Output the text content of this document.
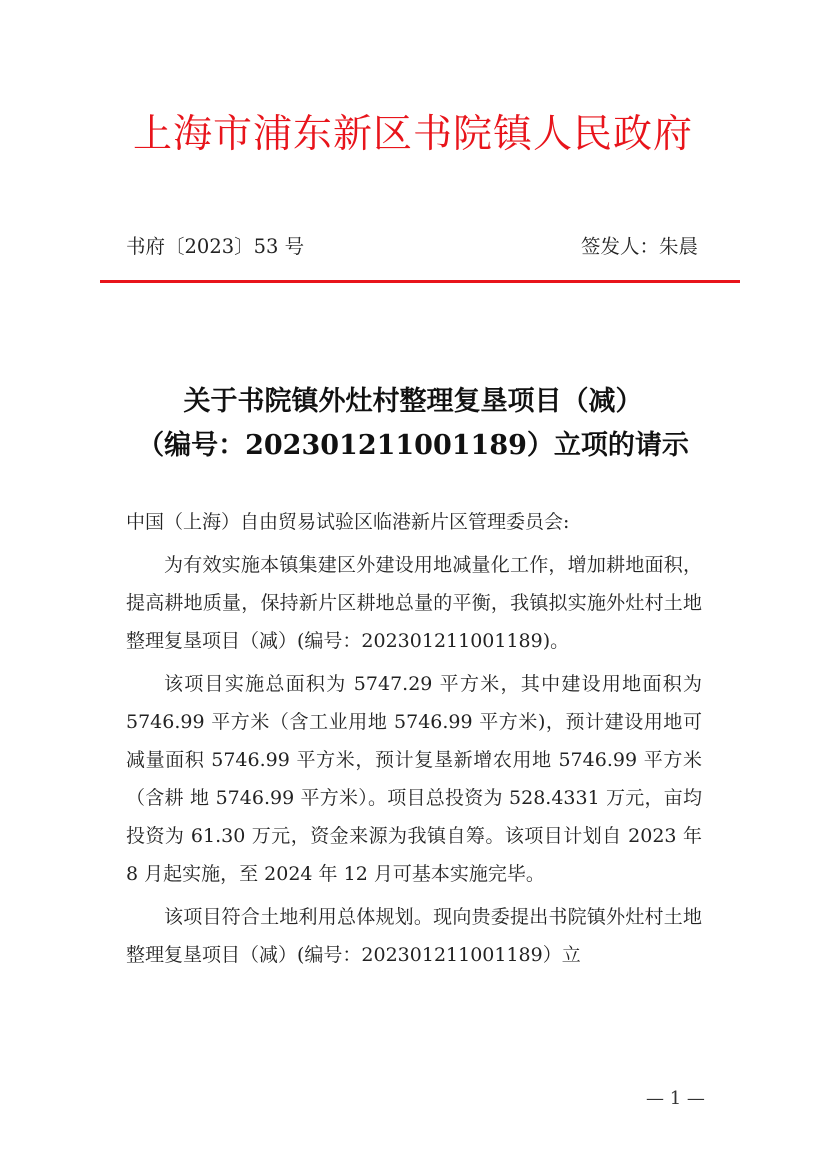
上海市浦东新区书院镇人民政府
书府〔2023〕53 号	签发人：朱晨
关于书院镇外灶村整理复垦项目（减）
（编号：202301211001189）立项的请示

中国（上海）自由贸易试验区临港新片区管理委员会:

为有效实施本镇集建区外建设用地减量化工作，增加耕地面积，提高耕地质量，保持新片区耕地总量的平衡，我镇拟实施外灶村土地整理复垦项目（减）(编号：202301211001189)。

该项目实施总面积为 5747.29 平方米，其中建设用地面积为 5746.99 平方米（含工业用地 5746.99 平方米)，预计建设用地可减量面积 5746.99 平方米，预计复垦新增农用地 5746.99 平方米（含耕 地 5746.99 平方米）。项目总投资为 528.4331 万元，亩均投资为 61.30 万元，资金来源为我镇自筹。该项目计划自 2023 年 8 月起实施，至 2024 年 12 月可基本实施完毕。

该项目符合土地利用总体规划。现向贵委提出书院镇外灶村土地整理复垦项目（减）(编号：202301211001189）立

— 1 —
